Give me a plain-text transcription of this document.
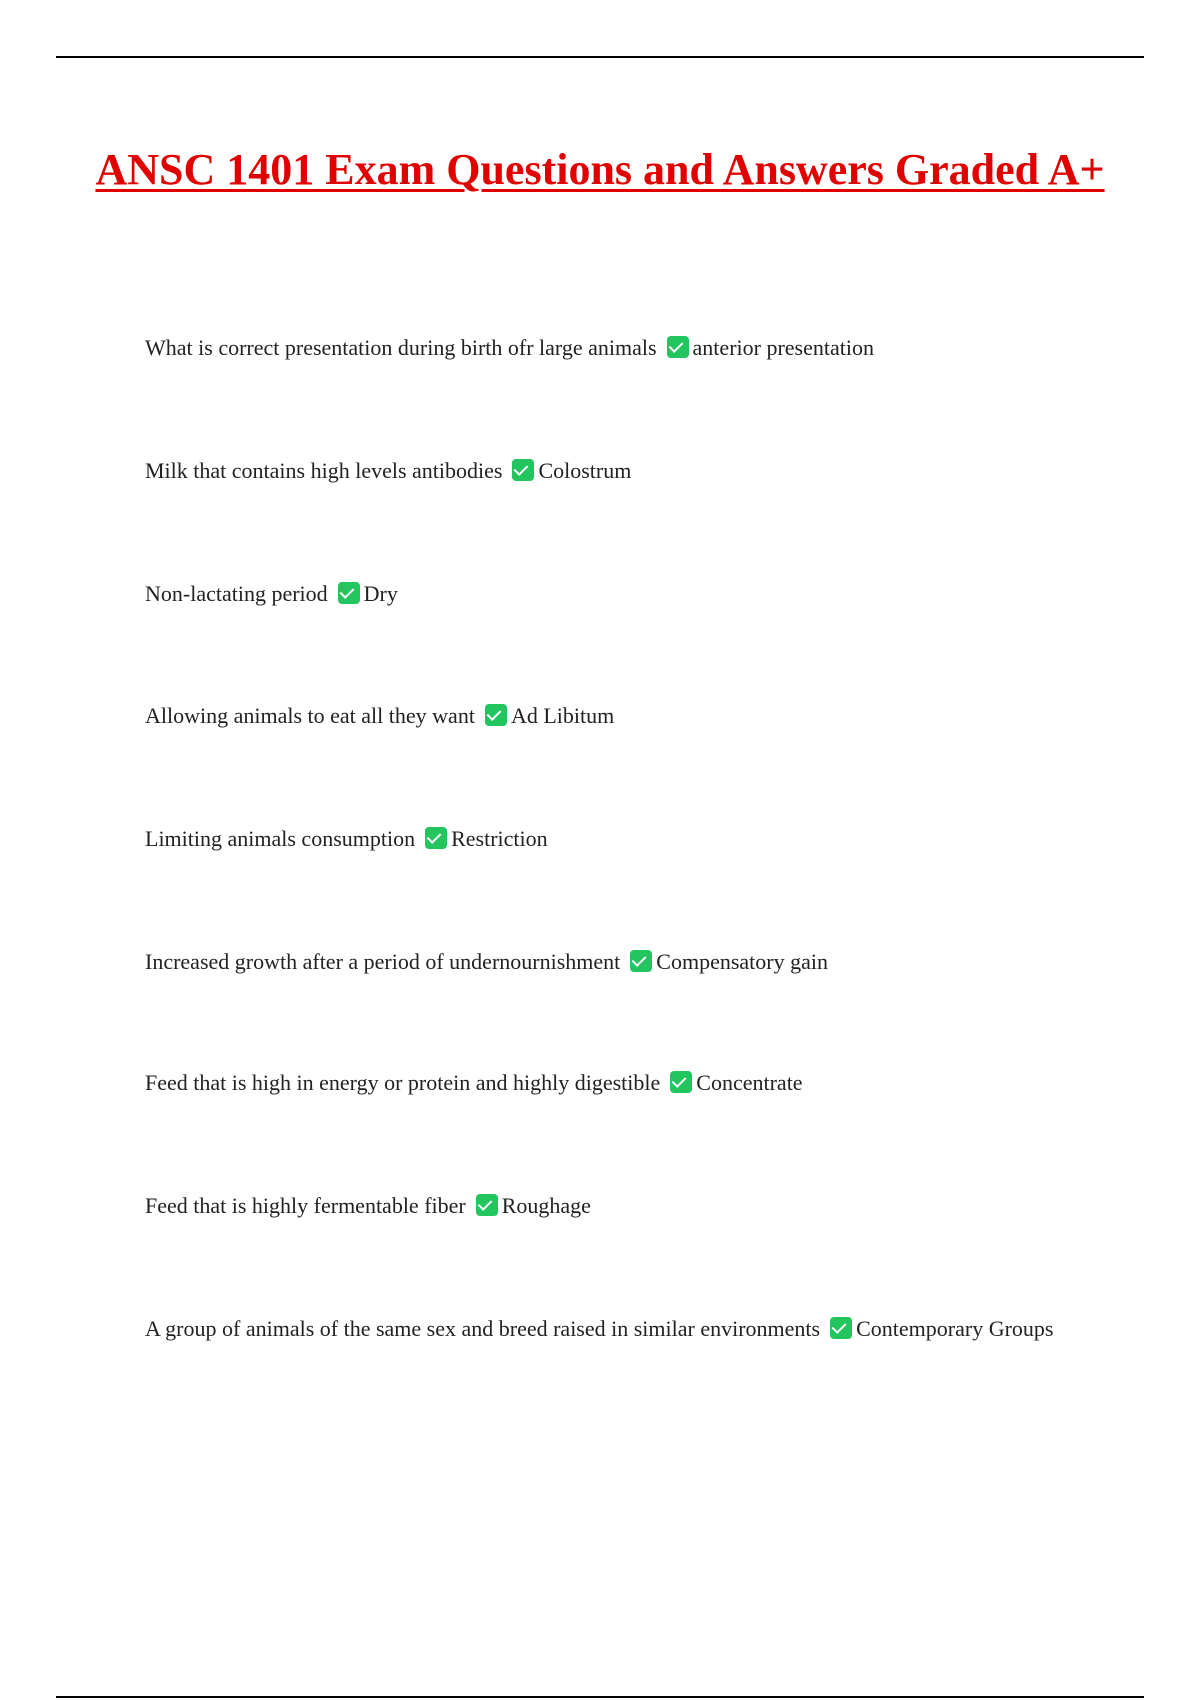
ANSC 1401 Exam Questions and Answers Graded A+

What is correct presentation during birth ofr large animals anterior presentation

Milk that contains high levels antibodies Colostrum

Non-lactating period Dry

Allowing animals to eat all they want Ad Libitum

Limiting animals consumption Restriction

Increased growth after a period of undernournishment Compensatory gain

Feed that is high in energy or protein and highly digestible Concentrate

Feed that is highly fermentable fiber Roughage

A group of animals of the same sex and breed raised in similar environments Contemporary Groups
